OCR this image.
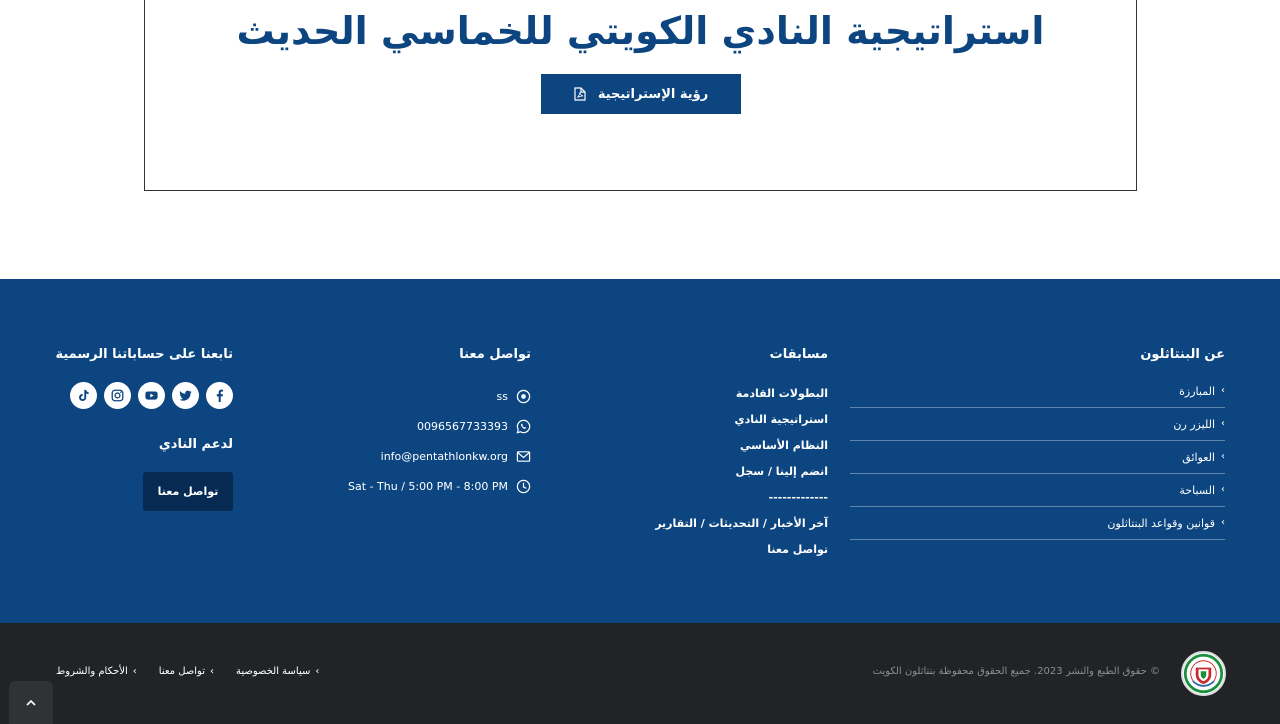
استراتيجية النادي الكويتي للخماسي الحديث
رؤية الإستراتيجية
عن البنتاثلون
›
المبارزة
›
الليزر رن
›
العوائق
›
السباحة
›
قوانين وقواعد البنتاثلون
مسابقات
البطولات القادمة
استراتيجية النادي
النظام الأساسي
انضم إلينا / سجل
-------------
آخر الأخبار / التحديثات / التقارير
تواصل معنا
تواصل معنا
ss
0096567733393
info@pentathlonkw.org
Sat - Thu / 5:00 PM - 8:00 PM
تابعنا على حساباتنا الرسمية
لدعم النادي
تواصل معنا
© حقوق الطبع والنشر 2023. جميع الحقوق محفوظة بنتاثلون الكويت
›
سياسة الخصوصية
›
تواصل معنا
›
الأحكام والشروط
